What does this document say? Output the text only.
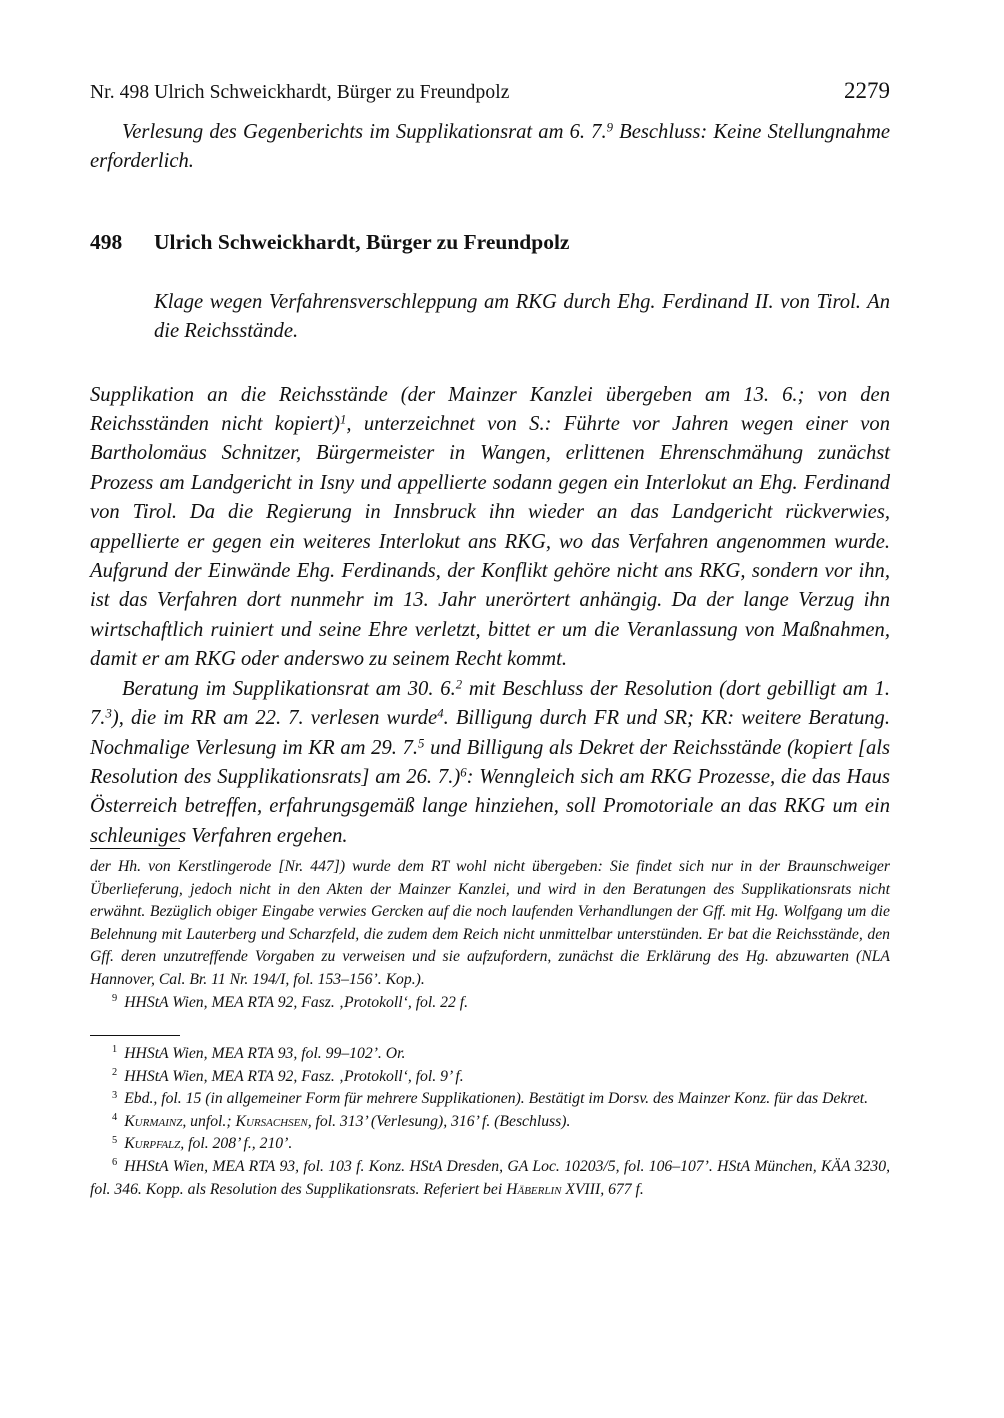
Nr. 498 Ulrich Schweickhardt, Bürger zu Freundpolz	2279

Verlesung des Gegenberichts im Supplikationsrat am 6. 7.$^9$ Beschluss: Keine Stellungnahme erforderlich.

498	Ulrich Schweickhardt, Bürger zu Freundpolz

Klage wegen Verfahrensverschleppung am RKG durch Ehg. Ferdinand II. von Tirol. An die Reichsstände.

Supplikation an die Reichsstände (der Mainzer Kanzlei übergeben am 13. 6.; von den Reichsständen nicht kopiert)$^1$, unterzeichnet von S.: Führte vor Jahren wegen einer von Bartholomäus Schnitzer, Bürgermeister in Wangen, erlittenen Ehrenschmähung zunächst Prozess am Landgericht in Isny und appellierte sodann gegen ein Interlokut an Ehg. Ferdinand von Tirol. Da die Regierung in Innsbruck ihn wieder an das Landgericht rückverwies, appellierte er gegen ein weiteres Interlokut ans RKG, wo das Verfahren angenommen wurde. Aufgrund der Einwände Ehg. Ferdinands, der Konflikt gehöre nicht ans RKG, sondern vor ihn, ist das Verfahren dort nunmehr im 13. Jahr unerörtert anhängig. Da der lange Verzug ihn wirtschaftlich ruiniert und seine Ehre verletzt, bittet er um die Veranlassung von Maßnahmen, damit er am RKG oder anderswo zu seinem Recht kommt.

Beratung im Supplikationsrat am 30. 6.$^2$ mit Beschluss der Resolution (dort gebilligt am 1. 7.$^3$), die im RR am 22. 7. verlesen wurde$^4$. Billigung durch FR und SR; KR: weitere Beratung. Nochmalige Verlesung im KR am 29. 7.$^5$ und Billigung als Dekret der Reichsstände (kopiert [als Resolution des Supplikationsrats] am 26. 7.)$^6$: Wenngleich sich am RKG Prozesse, die das Haus Österreich betreffen, erfahrungsgemäß lange hinziehen, soll Promotoriale an das RKG um ein schleuniges Verfahren ergehen.

der Hh. von Kerstlingerode [Nr. 447]) wurde dem RT wohl nicht übergeben: Sie findet sich nur in der Braunschweiger Überlieferung, jedoch nicht in den Akten der Mainzer Kanzlei, und wird in den Beratungen des Supplikationsrats nicht erwähnt. Bezüglich obiger Eingabe verwies Gercken auf die noch laufenden Verhandlungen der Gff. mit Hg. Wolfgang um die Belehnung mit Lauterberg und Scharzfeld, die zudem dem Reich nicht unmittelbar unterstünden. Er bat die Reichsstände, den Gff. deren unzutreffende Vorgaben zu verweisen und sie aufzufordern, zunächst die Erklärung des Hg. abzuwarten (NLA Hannover, Cal. Br. 11 Nr. 194/I, fol. 153–156’. Kop.).

$^9$ HHStA Wien, MEA RTA 92, Fasz. ‚Protokoll‘, fol. 22 f.

$^1$ HHStA Wien, MEA RTA 93, fol. 99–102’. Or.

$^2$ HHStA Wien, MEA RTA 92, Fasz. ‚Protokoll‘, fol. 9’ f.

$^3$ Ebd., fol. 15 (in allgemeiner Form für mehrere Supplikationen). Bestätigt im Dorsv. des Mainzer Konz. für das Dekret.

$^4$ Kurmainz, unfol.; Kursachsen, fol. 313’ (Verlesung), 316’ f. (Beschluss).

$^5$ Kurpfalz, fol. 208’ f., 210’.

$^6$ HHStA Wien, MEA RTA 93, fol. 103 f. Konz. HStA Dresden, GA Loc. 10203/5, fol. 106–107’. HStA München, KÄA 3230, fol. 346. Kopp. als Resolution des Supplikationsrats. Referiert bei Häberlin XVIII, 677 f.
